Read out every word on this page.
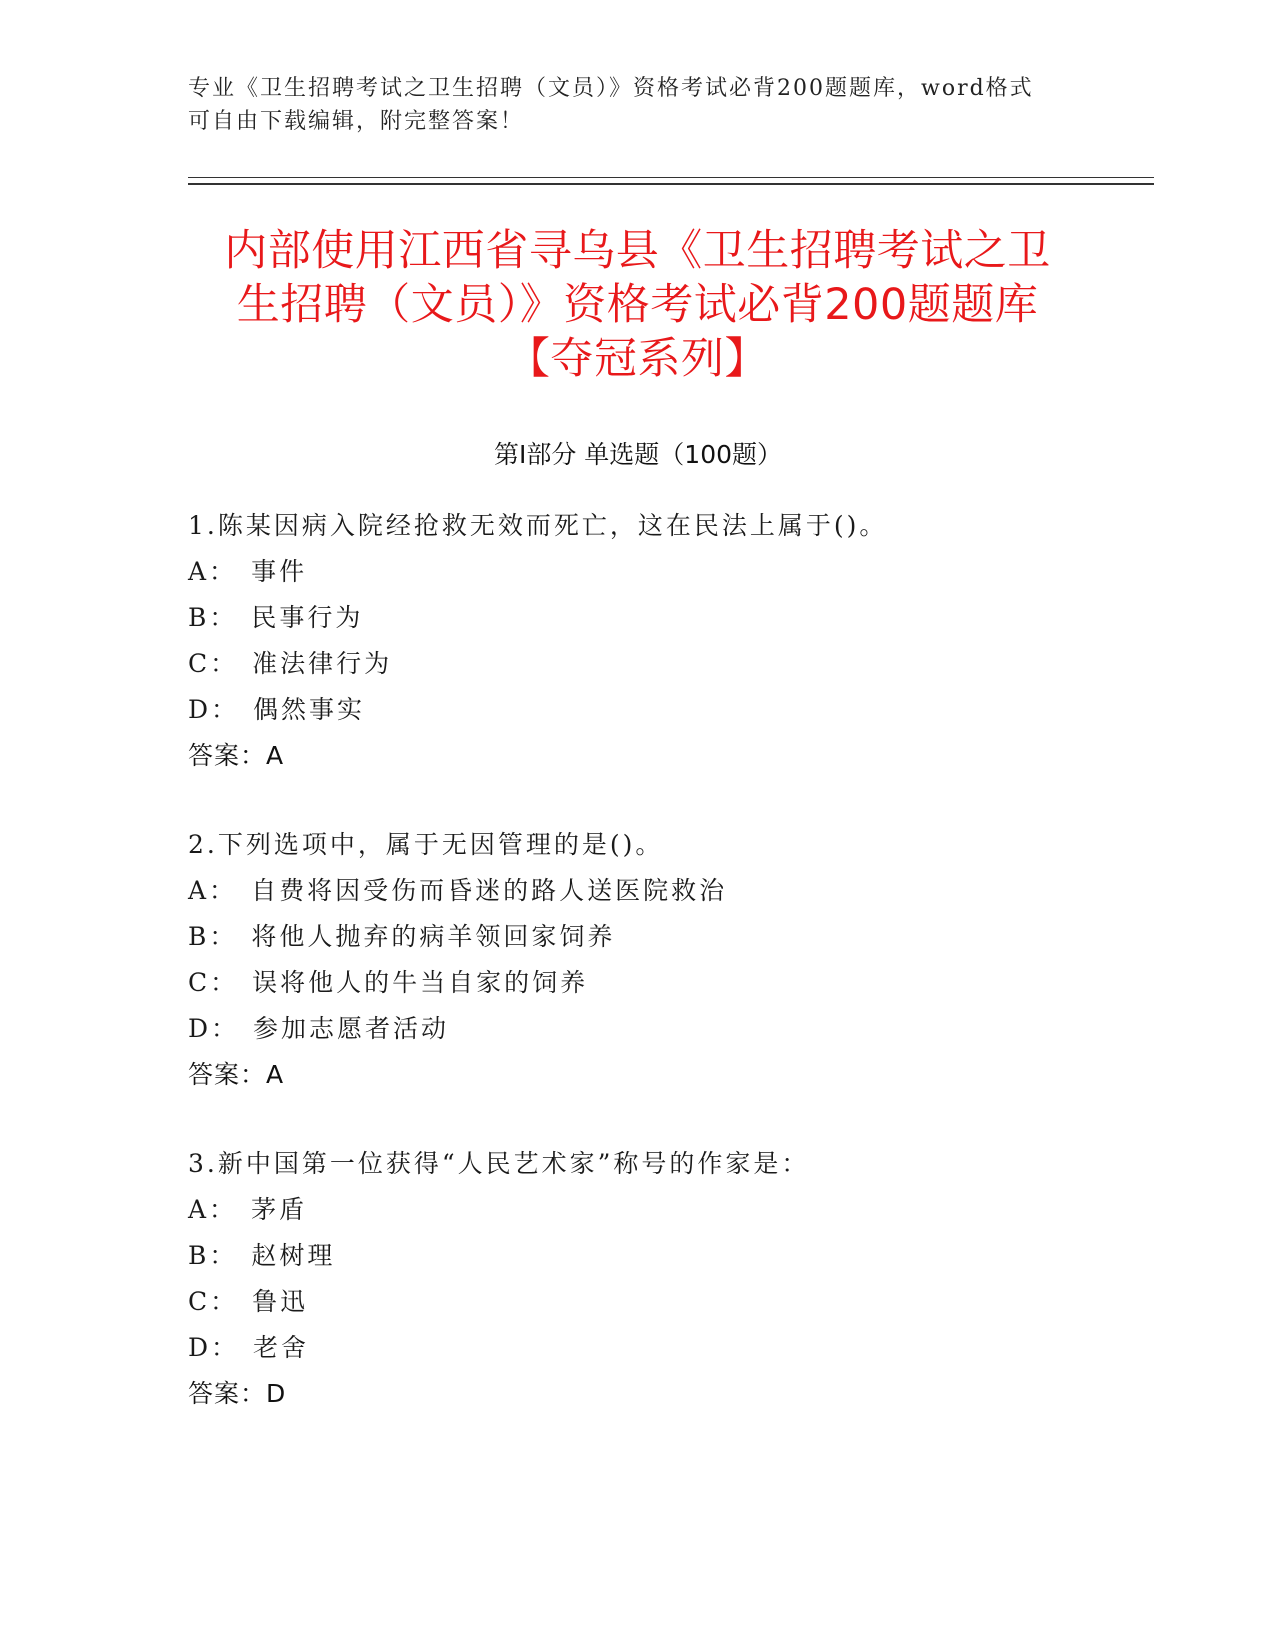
专业《卫生招聘考试之卫生招聘（文员）》资格考试必背200题题库，word格式
可自由下载编辑，附完整答案！
内部使用江西省寻乌县《卫生招聘考试之卫
生招聘（文员）》资格考试必背200题题库
【夺冠系列】
第Ⅰ部分 单选题（100题）
1.陈某因病入院经抢救无效而死亡，这在民法上属于()。
A： 事件
B： 民事行为
C： 准法律行为
D： 偶然事实
答案：A
2.下列选项中，属于无因管理的是()。
A： 自费将因受伤而昏迷的路人送医院救治
B： 将他人抛弃的病羊领回家饲养
C： 误将他人的牛当自家的饲养
D： 参加志愿者活动
答案：A
3.新中国第一位获得“人民艺术家”称号的作家是：
A： 茅盾
B： 赵树理
C： 鲁迅
D： 老舍
答案：D
